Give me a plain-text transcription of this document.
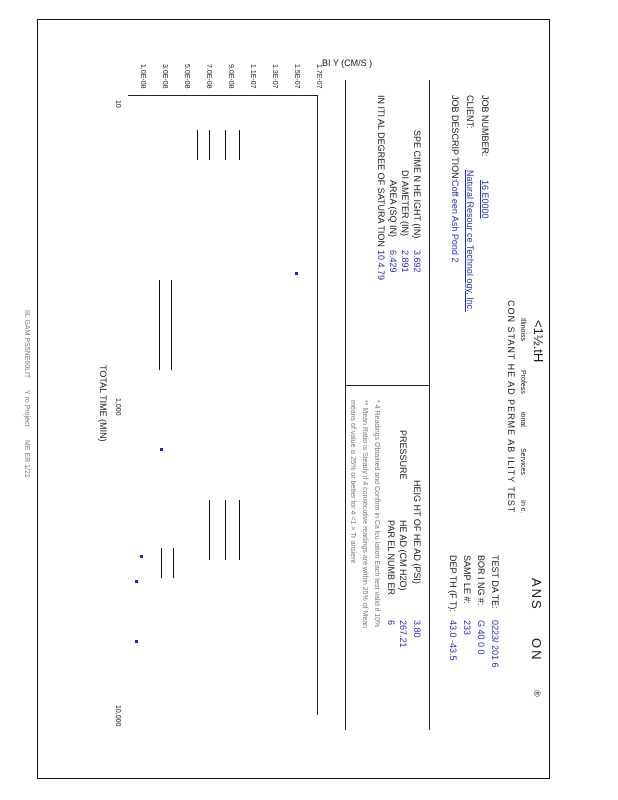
<1½.tH
ANS
ON
®
Illinoiss
Profess
ional
Services
In c.
CON STANT HE AD PERME AB ILITY TEST
JOB NUMBER:
16 E0000
CLIENT:
Natural Resour ce Technol ogy, Inc.
JOB DESCRIP TION:
Coff een Ash Pond 2
TEST DA TE:
0223/ 201 6
BOR I NG #:
G 40 0 0
SAMP LE #:
233
DEP TH (F T):
43.0 -43.5
SPE CIME N HE IGHT (IN)
3.692
DI AMETER (IN)
2.891
AREA (SQ IN)
6.429
IN ITI AL DEGREE OF SATURA TION
10 4.79
HEIG HT OF HE AD (PSI)
3.80
PRESSURE
HE AD (CM H2O)
267.21
PAR EL NUMB ER
6
* 4 Readings Obtained and Confirm in Ca lcu lation Each test valid if 10%
** Mean Ratio is Steady if 4 consecutive readings are within 25% of Mean
means of value is 25% or better for 4 <1 > Tr ansient
BI Y (CM/S )
1.7E-07
1.5E-07
1.3E-07
1.1E-07
9.0E-08
7.0E-08
5.0E-08
3.0E-08
1.0E-08
10
1,000
10,000
TOTAL TIME (MIN)
IIL GAM PS5NE60LIT
Y ro Project
ME ER 1/21
